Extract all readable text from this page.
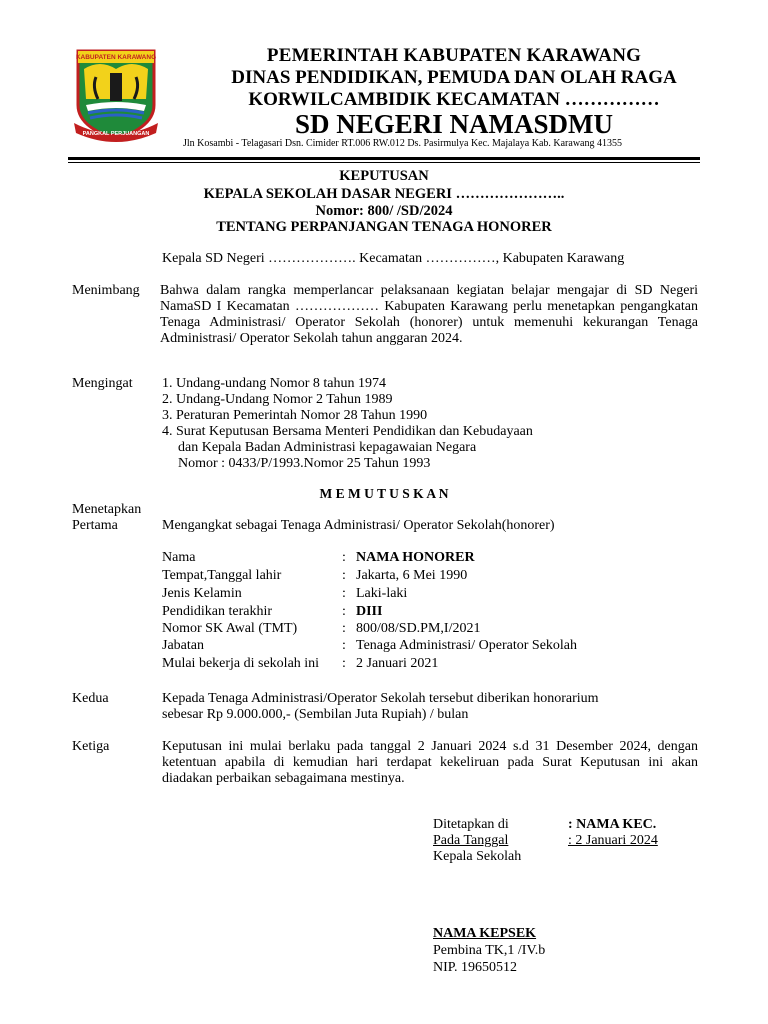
KABUPATEN KARAWANG
PANGKAL PERJUANGAN
PEMERINTAH KABUPATEN KARAWANG
DINAS PENDIDIKAN, PEMUDA DAN OLAH RAGA
KORWILCAMBIDIK KECAMATAN ……………
SD NEGERI NAMASDMU
Jln Kosambi - Telagasari Dsn. Cimider RT.006 RW.012 Ds. Pasirmulya Kec. Majalaya Kab. Karawang 41355
KEPUTUSAN
KEPALA SEKOLAH DASAR NEGERI …………………..
Nomor: 800/ /SD/2024
TENTANG PERPANJANGAN TENAGA HONORER
Kepala SD Negeri ………………. Kecamatan ……………, Kabupaten Karawang
Menimbang Bahwa dalam rangka memperlancar pelaksanaan kegiatan belajar mengajar di SD Negeri NamaSD I Kecamatan ……………… Kabupaten Karawang perlu menetapkan pengangkatan Tenaga Administrasi/ Operator Sekolah (honorer) untuk memenuhi kekurangan Tenaga Administrasi/ Operator Sekolah tahun anggaran 2024.
Mengingat 1. Undang-undang Nomor 8 tahun 1974
2. Undang-Undang Nomor 2 Tahun 1989
3. Peraturan Pemerintah Nomor 28 Tahun 1990
4. Surat Keputusan Bersama Menteri Pendidikan dan Kebudayaan
dan Kepala Badan Administrasi kepagawaian Negara
Nomor : 0433/P/1993.Nomor 25 Tahun 1993
M E M U T U S K A N
Menetapkan
Pertama	Mengangkat sebagai Tenaga Administrasi/ Operator Sekolah(honorer)
Nama	: NAMA HONORER
Tempat,Tanggal lahir	: Jakarta, 6 Mei 1990
Jenis Kelamin	: Laki-laki
Pendidikan terakhir	: DIII
Nomor SK Awal (TMT)	: 800/08/SD.PM,I/2021
Jabatan	: Tenaga Administrasi/ Operator Sekolah
Mulai bekerja di sekolah ini : 2 Januari 2021
Kedua	Kepada Tenaga Administrasi/Operator Sekolah tersebut diberikan honorarium
sebesar Rp 9.000.000,- (Sembilan Juta Rupiah) / bulan
Ketiga	Keputusan ini mulai berlaku pada tanggal 2 Januari 2024 s.d 31 Desember 2024, dengan ketentuan apabila di kemudian hari terdapat kekeliruan pada Surat Keputusan ini akan diadakan perbaikan sebagaimana mestinya.
Ditetapkan di	: NAMA KEC.
Pada Tanggal	: 2 Januari 2024
Kepala Sekolah
NAMA KEPSEK
Pembina TK,1 /IV.b
NIP. 19650512
